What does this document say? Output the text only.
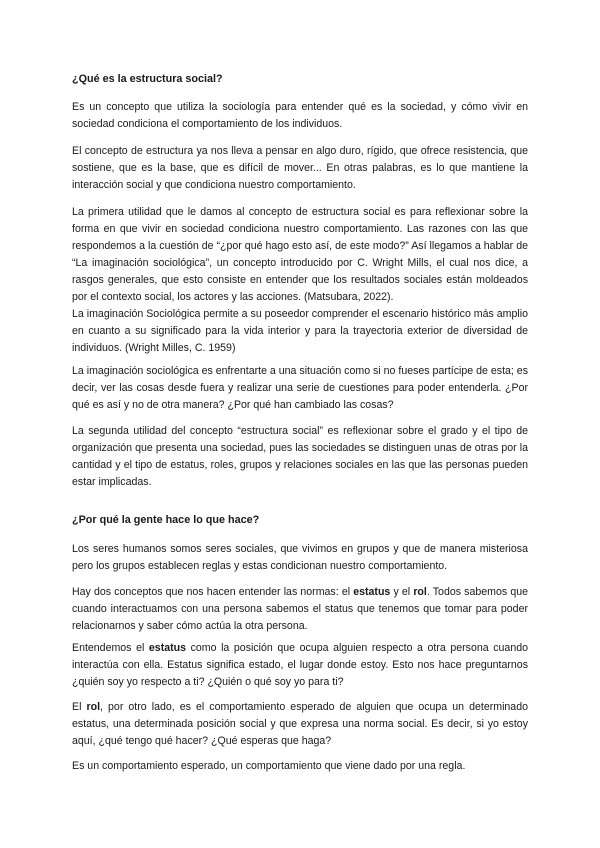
¿Qué es la estructura social?

Es un concepto que utiliza la sociología para entender qué es la sociedad, y cómo vivir en sociedad condiciona el comportamiento de los individuos.

El concepto de estructura ya nos lleva a pensar en algo duro, rígido, que ofrece resistencia, que sostiene, que es la base, que es difícil de mover... En otras palabras, es lo que mantiene la interacción social y que condiciona nuestro comportamiento.

La primera utilidad que le damos al concepto de estructura social es para reflexionar sobre la forma en que vivir en sociedad condiciona nuestro comportamiento. Las razones con las que respondemos a la cuestión de “¿por qué hago esto así, de este modo?” Así llegamos a hablar de “La imaginación sociológica”, un concepto introducido por C. Wright Mills, el cual nos dice, a rasgos generales, que esto consiste en entender que los resultados sociales están moldeados por el contexto social, los actores y las acciones. (Matsubara, 2022).

La imaginación Sociológica permite a su poseedor comprender el escenario histórico más amplio en cuanto a su significado para la vida interior y para la trayectoria exterior de diversidad de individuos. (Wright Milles, C. 1959)

La imaginación sociológica es enfrentarte a una situación como si no fueses partícipe de esta; es decir, ver las cosas desde fuera y realizar una serie de cuestiones para poder entenderla. ¿Por qué es así y no de otra manera? ¿Por qué han cambiado las cosas?

La segunda utilidad del concepto “estructura social” es reflexionar sobre el grado y el tipo de organización que presenta una sociedad, pues las sociedades se distinguen unas de otras por la cantidad y el tipo de estatus, roles, grupos y relaciones sociales en las que las personas pueden estar implicadas.

¿Por qué la gente hace lo que hace?

Los seres humanos somos seres sociales, que vivimos en grupos y que de manera misteriosa pero los grupos establecen reglas y estas condicionan nuestro comportamiento.

Hay dos conceptos que nos hacen entender las normas: el estatus y el rol. Todos sabemos que cuando interactuamos con una persona sabemos el status que tenemos que tomar para poder relacionarnos y saber cómo actúa la otra persona.

Entendemos el estatus como la posición que ocupa alguien respecto a otra persona cuando interactúa con ella. Estatus significa estado, el lugar donde estoy. Esto nos hace preguntarnos ¿quién soy yo respecto a ti? ¿Quién o qué soy yo para ti?

El rol, por otro lado, es el comportamiento esperado de alguien que ocupa un determinado estatus, una determinada posición social y que expresa una norma social. Es decir, si yo estoy aquí, ¿qué tengo qué hacer? ¿Qué esperas que haga?

Es un comportamiento esperado, un comportamiento que viene dado por una regla.
